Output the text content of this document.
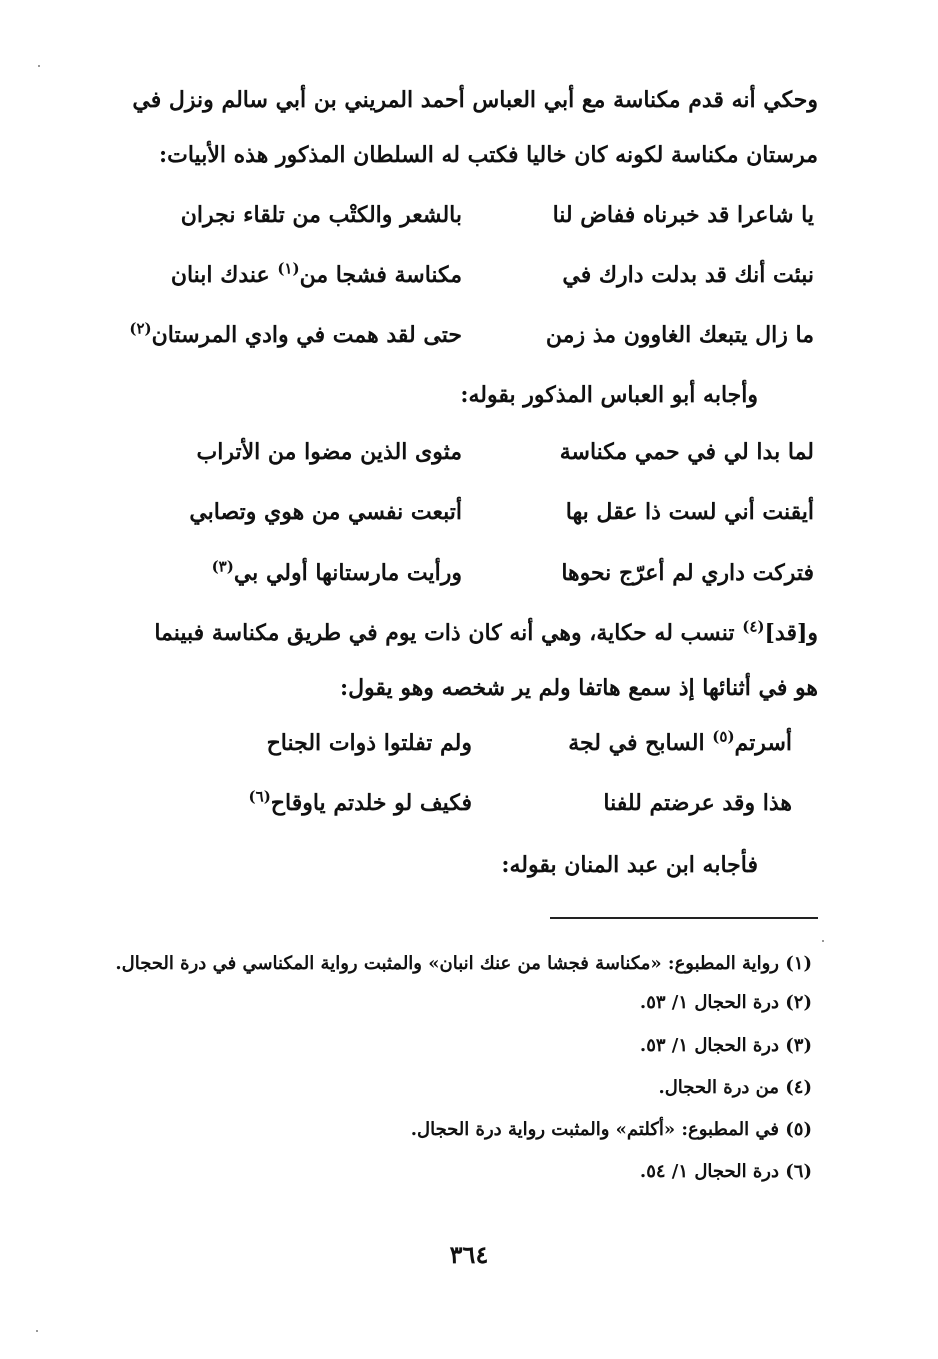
وحكي أنه قدم مكناسة مع أبي العباس أحمد المريني بن أبي سالم ونزل في
مرستان مكناسة لكونه كان خاليا فكتب له السلطان المذكور هذه الأبيات:
يا شاعرا قد خبرناه ففاض لنا
بالشعر والكتْب من تلقاء نجران
نبئت أنك قد بدلت دارك في
مكناسة فشجا من$^{(١)}$ عندك ابنان
ما زال يتبعك الغاوون مذ زمن
حتى لقد همت في وادي المرستان$^{(٢)}$
وأجابه أبو العباس المذكور بقوله:
لما بدا لي في حمي مكناسة
مثوى الذين مضوا من الأتراب
أيقنت أني لست ذا عقل بها
أتبعت نفسي من هوي وتصابي
فتركت داري لم أعرّج نحوها
ورأيت مارستانها أولي بي$^{(٣)}$
و[قد]$^{(٤)}$ تنسب له حكاية، وهي أنه كان ذات يوم في طريق مكناسة فبينما
هو في أثنائها إذ سمع هاتفا ولم ير شخصه وهو يقول:
أسرتم$^{(٥)}$ السابح في لجة
ولم تفلتوا ذوات الجناح
هذا وقد عرضتم للفنا
فكيف لو خلدتم ياوقاح$^{(٦)}$
فأجابه ابن عبد المنان بقوله:
(١) رواية المطبوع: «مكناسة فجشا من عنك انبان» والمثبت رواية المكناسي في درة الحجال.
(٢) درة الحجال ١/ ٥٣.
(٣) درة الحجال ١/ ٥٣.
(٤) من درة الحجال.
(٥) في المطبوع: «أكلتم» والمثبت رواية درة الحجال.
(٦) درة الحجال ١/ ٥٤.
٣٦٤
